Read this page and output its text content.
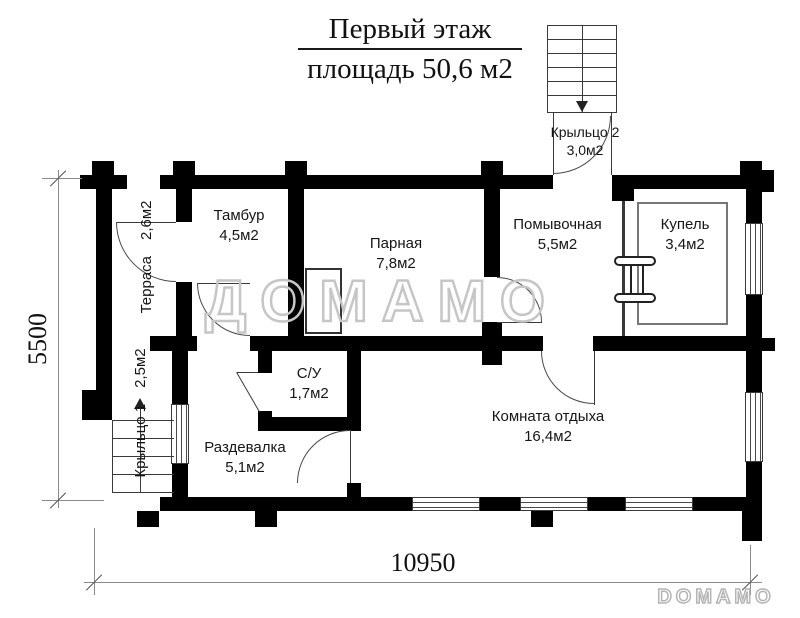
Первый этаж
площадь 50,6 м2
Крыльцо 2
3,0м2
Тамбур
4,5м2	Парная
7,8м2
Помывочная
5,5м2
Купель
3,4м2
С/У
1,7м2
Раздевалка
5,1м2
Комната отдыха
16,4м2
Терраса2,6м2
Крыльцо 12,5м2
5500
10950
ДОМАМО
DOMAMO
